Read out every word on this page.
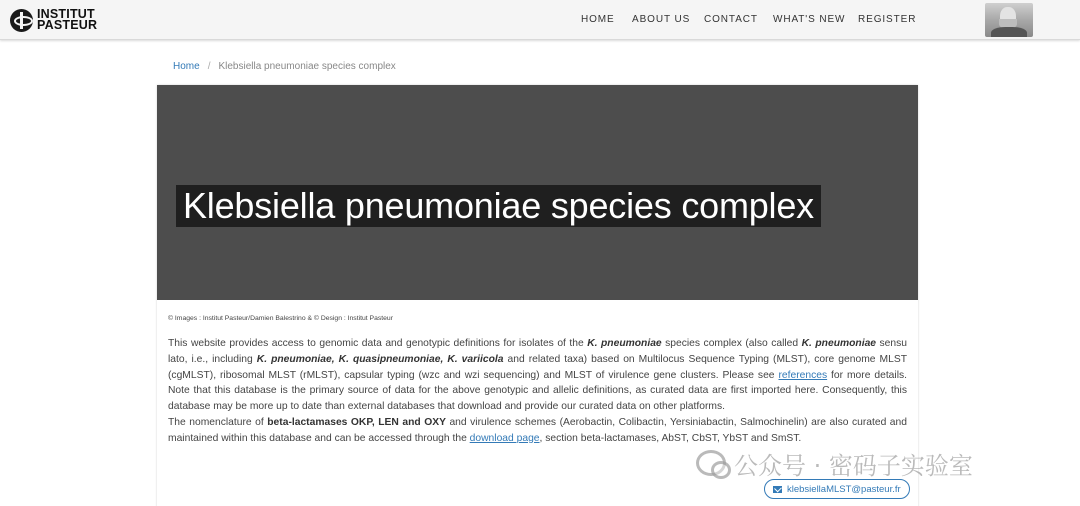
INSTITUT
PASTEUR	HOME ABOUT US CONTACT WHAT'S NEW REGISTER
Home / Klebsiella pneumoniae species complex
Klebsiella pneumoniae species complex
© Images : Institut Pasteur/Damien Balestrino & © Design : Institut Pasteur

This website provides access to genomic data and genotypic definitions for isolates of the K. pneumoniae species complex (also called K. pneumoniae sensu lato, i.e., including K. pneumoniae, K. quasipneumoniae, K. variicola and related taxa) based on Multilocus Sequence Typing (MLST), core genome MLST (cgMLST), ribosomal MLST (rMLST), capsular typing (wzc and wzi sequencing) and MLST of virulence gene clusters. Please see references for more details. Note that this database is the primary source of data for the above genotypic and allelic definitions, as curated data are first imported here. Consequently, this database may be more up to date than external databases that download and provide our curated data on other platforms.

The nomenclature of beta-lactamases OKP, LEN and OXY and virulence schemes (Aerobactin, Colibactin, Yersiniabactin, Salmochinelin) are also curated and maintained within this database and can be accessed through the download page, section beta-lactamases, AbST, CbST, YbST and SmST.

公众号 · 密码子实验室
klebsiellaMLST@pasteur.fr
